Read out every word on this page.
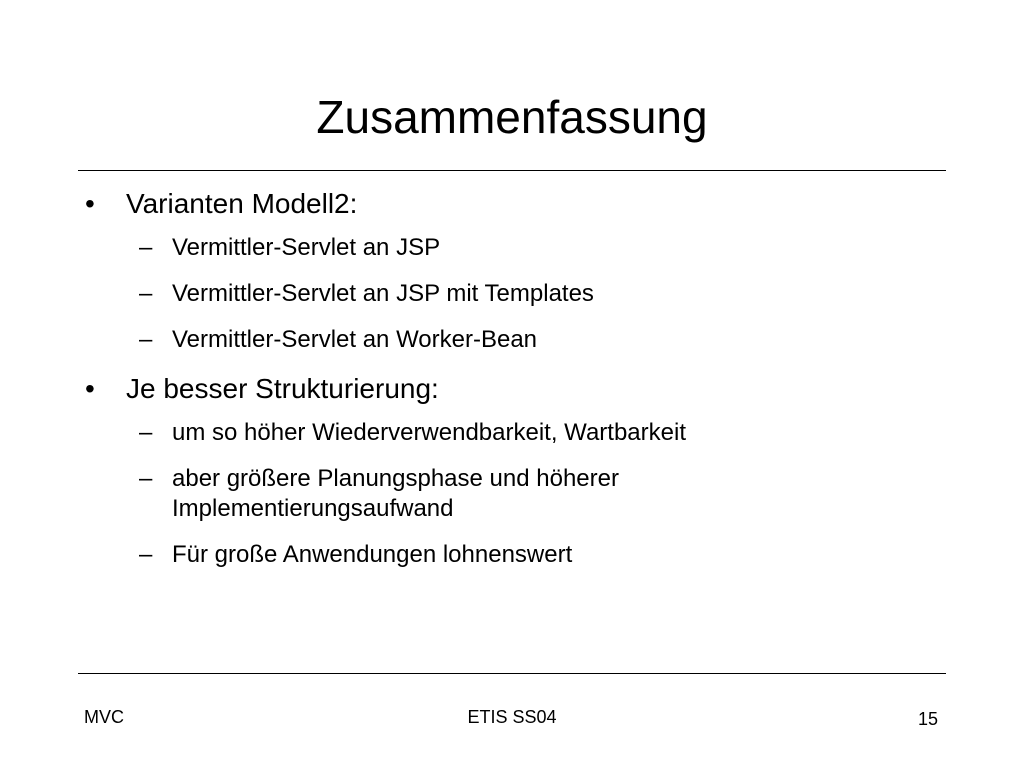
Zusammenfassung
•	Varianten Modell2:
– Vermittler-Servlet an JSP
– Vermittler-Servlet an JSP mit Templates
– Vermittler-Servlet an Worker-Bean
•	Je besser Strukturierung:
– um so höher Wiederverwendbarkeit, Wartbarkeit
– aber größere Planungsphase und höherer Implementierungsaufwand
– Für große Anwendungen lohnenswert
MVC	ETIS SS04	15
